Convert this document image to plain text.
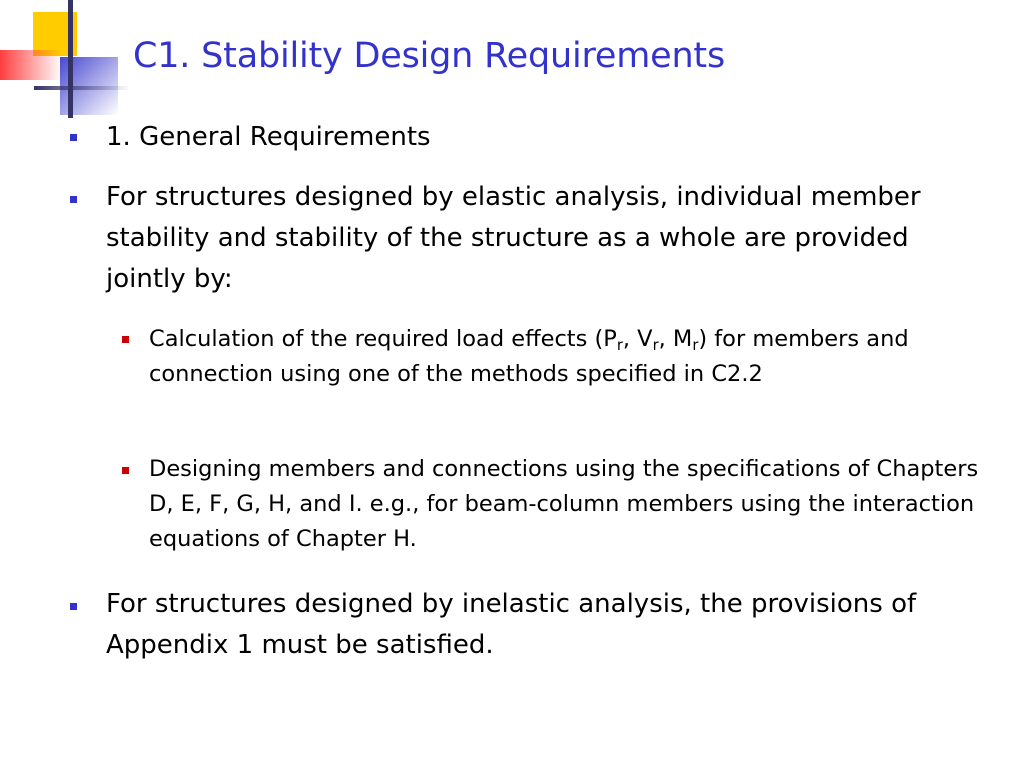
C1. Stability Design Requirements
1. General Requirements
For structures designed by elastic analysis, individual member stability and stability of the structure as a whole are provided jointly by:
Calculation of the required load effects ($P_r$, $V_r$, $M_r$) for members and connection using one of the methods specified in C2.2
Designing members and connections using the specifications of Chapters D, E, F, G, H, and I. e.g., for beam-column members using the interaction equations of Chapter H.
For structures designed by inelastic analysis, the provisions of Appendix 1 must be satisfied.
